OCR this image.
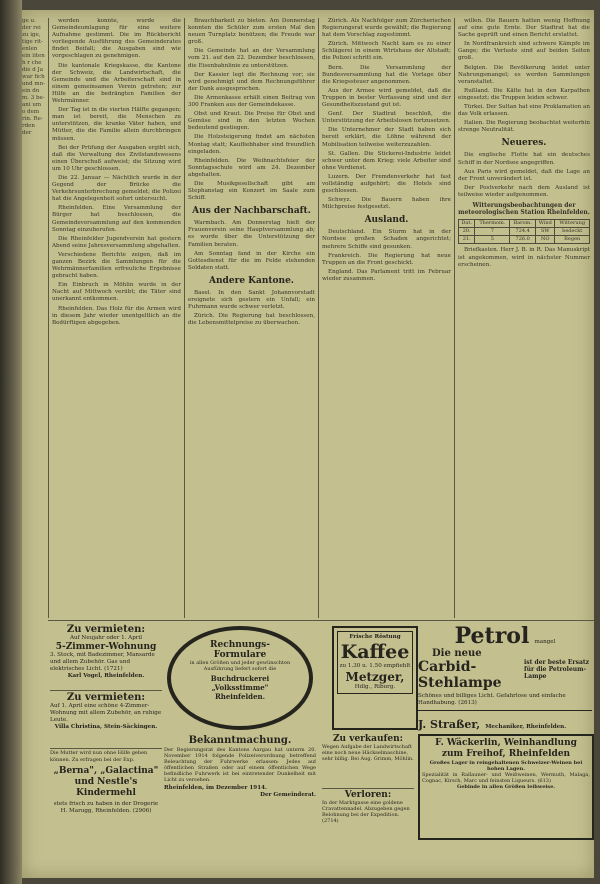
ge u. der rei zu ige, tige rit- enlen ein iiten h r che die d Ja war fich und mn- ein dn m. 3 be- ani um o dem rin. Re- rden der

werden konnte, wurde die Gemeindeumlagung für eine weitere Aufnahme gestimmt. Die im Rückbericht vorliegende Ausführung des Gemeinderates findet Beifall; die Ausgaben sind wie vorgeschlagen zu genehmigen.

Die kantonale Kriegskasse, die Kantone der Schweiz, die Landwirtschaft, die Gemeinde und die Arbeiterschaft sind in einem gemeinsamen Verein getreten; zur Hilfe an die bedrängten Familien der Wehrmänner.

Der Tag ist in die vierten Hälfte gegangen; man ist bereit, die Menschen zu unterstützen, die kranke Väter haben, und Mütter, die die Familie allein durchbringen müssen.

Bei der Prüfung der Ausgaben ergibt sich, daß die Verwaltung des Zivilstandswesens einen Überschuß aufweist; die Sitzung wird um 10 Uhr geschlossen.

Die 22. Januar — Nächtlich wurde in der Gegend der Brücke die Verkehrsunterbrechung gemeldet; die Polizei hat die Angelegenheit sofort untersucht.

Rheinfelden. Eine Versammlung der Bürger hat beschlossen, die Gemeindeversammlung auf den kommenden Sonntag einzuberufen.

Die Rheinfelder Jugendverein hat gestern Abend seine Jahresversammlung abgehalten.

Verschiedene Berichte zeigen, daß im ganzen Bezirk die Sammlungen für die Wehrmännerfamilien erfreuliche Ergebnisse gebracht haben.

Ein Einbruch in Möhlin wurde in der Nacht auf Mittwoch verübt; die Täter sind unerkannt entkommen.

Rheinfelden. Das Holz für die Armen wird in diesem Jahr wieder unentgeltlich an die Bedürftigen abgegeben.

Brauchbarkeit zu bieten. Am Donnerstag konnten die Schüler zum ersten Mal den neuen Turnplatz benützen; die Freude war groß.

Die Gemeinde hat an der Versammlung vom 21. auf den 22. Dezember beschlossen, die Eisenbahnlinie zu unterstützen.

Der Kassier legt die Rechnung vor; sie wird genehmigt und dem Rechnungsführer der Dank ausgesprochen.

Die Armenkasse erhält einen Beitrag von 300 Franken aus der Gemeindekasse.

Obst und Kraut. Die Preise für Obst und Gemüse sind in den letzten Wochen bedeutend gestiegen.

Die Holzsteigerung findet am nächsten Montag statt; Kaufliebhaber sind freundlich eingeladen.

Rheinfelden. Die Weihnachtsfeier der Sonntagsschule wird am 24. Dezember abgehalten.

Die Musikgesellschaft gibt am Stephanstag ein Konzert im Saale zum Schiff.

Aus der Nachbarschaft.

Warmbach. Am Donnerstag hielt der Frauenverein seine Hauptversammlung ab; es wurde über die Unterstützung der Familien beraten.

Am Sonntag fand in der Kirche ein Gottesdienst für die im Felde stehenden Soldaten statt.

Andere Kantone.

Basel. In den Sankt Johannvorstadt ereignete sich gestern ein Unfall; ein Fuhrmann wurde schwer verletzt.

Zürich. Die Regierung hat beschlossen, die Lebensmittelpreise zu überwachen.

Zürich. Als Nachfolger zum Zürcherischen Regierungsrat wurde gewählt; die Regierung hat dem Vorschlag zugestimmt.

Zürich. Mittwoch Nacht kam es zu einer Schlägerei in einem Wirtshaus der Altstadt; die Polizei schritt ein.

Bern. Die Versammlung der Bundesversammlung hat die Vorlage über die Kriegssteuer angenommen.

Aus der Armee wird gemeldet, daß die Truppen in bester Verfassung sind und der Gesundheitszustand gut ist.

Genf. Der Stadtrat beschloß, die Unterstützung der Arbeitslosen fortzusetzen.

Die Unternehmer der Stadt haben sich bereit erklärt, die Löhne während der Mobilisation teilweise weiterzuzahlen.

St. Gallen. Die Stickerei-Industrie leidet schwer unter dem Krieg; viele Arbeiter sind ohne Verdienst.

Luzern. Der Fremdenverkehr hat fast vollständig aufgehört; die Hotels sind geschlossen.

Schwyz. Die Bauern haben ihre Milchpreise festgesetzt.

Ausland.

Deutschland. Ein Sturm hat in der Nordsee großen Schaden angerichtet; mehrere Schiffe sind gesunken.

Frankreich. Die Regierung hat neue Truppen an die Front geschickt.

England. Das Parlament tritt im Februar wieder zusammen.

willen. Die Bauern hatten wenig Hoffnung auf eine gute Ernte. Der Stadtrat hat die Sache geprüft und einen Bericht erstattet.

In Nordfrankreich sind schwere Kämpfe im Gange; die Verluste sind auf beiden Seiten groß.

Belgien. Die Bevölkerung leidet unter Nahrungsmangel; es werden Sammlungen veranstaltet.

Rußland. Die Kälte hat in den Karpathen eingesetzt; die Truppen leiden schwer.

Türkei. Der Sultan hat eine Proklamation an das Volk erlassen.

Italien. Die Regierung beobachtet weiterhin strenge Neutralität.

Neueres.

Die englische Flotte hat ein deutsches Schiff in der Nordsee angegriffen.

Aus Paris wird gemeldet, daß die Lage an der Front unverändert ist.

Der Postverkehr nach dem Ausland ist teilweise wieder aufgenommen.

Witterungsbeobachtungen der meteorologischen Station Rheinfelden.
Dat.	Thermom.	Barom.	Wind	Witterung
20.	7	724.4	SW	bedeckt
21.	5	726.0	NO	Regen

Briefkasten. Herr J. B. in R. Das Manuskript ist angekommen, wird in nächster Nummer erscheinen.

Zu vermieten:
Auf Neujahr oder 1. April
5-Zimmer-Wohnung
3. Stock, mit Badezimmer, Mansarde und allem Zubehör. Gas und elektrisches Licht. (1721)
Karl Vogel, Rheinfelden.
Zu vermieten:
Auf 1. April eine schöne 4-Zimmer-Wohnung mit allem Zubehör, an ruhige Leute.
Villa Christina, Stein-Säckingen.
Die Mutter wird nun ohne Hilfe geben können. Zu erfragen bei der Exp.
„Berna", „Galactina" und Nestle's Kindermehl
stets frisch zu haben in der Drogerie H. Marugg, Rheinfelden. (2906)
Rechnungs-Formulare
in allen Größen und jeder gewünschten Ausführung liefert sofort die
Buchdruckerei „Volksstimme" Rheinfelden.
Frische Röstung
Kaffee
zu 1.30 u. 1.50 empfiehlt
Metzger,
Hdlg., Riburg.
Petrol mangel
Die neue
Carbid-Stehlampe
ist der beste Ersatz für die Petroleum-Lampe
Schönes und billiges Licht. Gefahrlose und einfache Handhabung. (2613)
J. Straßer, Mechaniker, Rheinfelden.
Bekanntmachung.
Der Regierungsrat des Kantons Aargau hat unterm 20. November 1914 folgende Polizeiverordnung betreffend Beleuchtung der Fuhrwerke erlassen: Jedes auf öffentlichen Straßen oder auf einem öffentlichen Wege befindliche Fuhrwerk ist bei eintretender Dunkelheit mit Licht zu versehen.
Rheinfelden, im Dezember 1914.
Der Gemeinderat.
Zu verkaufen:
Wegen Aufgabe der Landwirtschaft eine noch neue Häckselmaschine, sehr billig. Bei Aug. Grimm, Möhlin.
Verloren:
In der Marktgasse eine goldene Cravattennadel. Abzugeben gegen Belohnung bei der Expedition. (2714)
F. Wäckerlin, Weinhandlung
zum Freihof, Rheinfelden
Großes Lager in reingehaltenen Schweizer-Weinen bei hohen Lagen.
Spezialität in Rallauner- und Weißweinen, Wermuth, Malaga, Cognac, Kirsch, Marc und feinsten Liqueurs. (613)
Gebinde in allen Größen leihweise.
